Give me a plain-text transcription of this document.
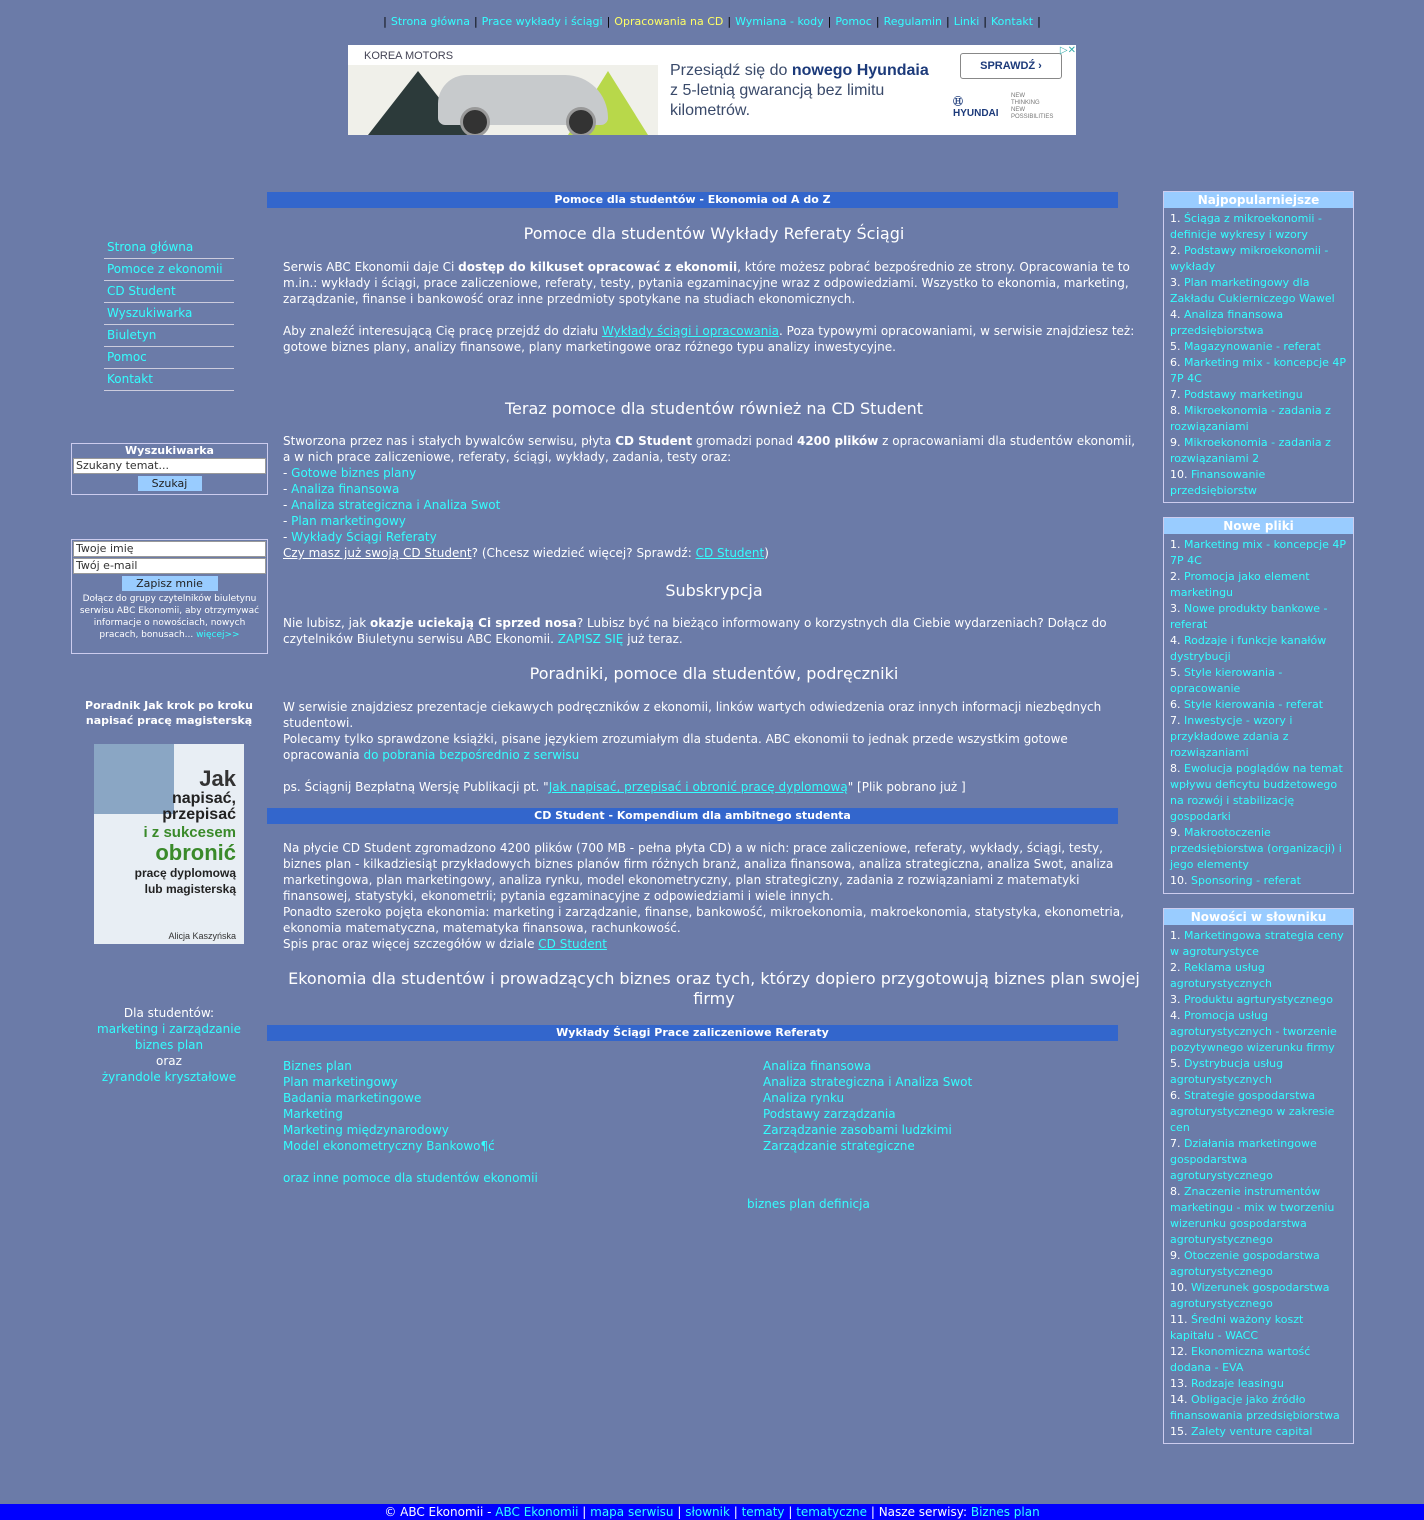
| Strona główna | Prace wykłady i ściągi | Opracowania na CD | Wymiana - kody | Pomoc | Regulamin | Linki | Kontakt |
KOREA MOTORS
Przesiądź się do nowego Hyundaia
z 5-letnią gwarancją bez limitu
kilometrów.
SPRAWDŹ ›
Ⓗ
HYUNDAI
NEW
THINKING
NEW
POSSIBILITIES
▷✕
Strona główna
Pomoce z ekonomii
CD Student
Wyszukiwarka
Biuletyn
Pomoc
Kontakt
Wyszukiwarka
Szukany temat...
Szukaj
Twoje imię
Twój e-mail
Zapisz mnie
Dołącz do grupy czytelników biuletynu serwisu ABC Ekonomii, aby otrzymywać informacje o nowościach, nowych pracach, bonusach... więcej>>
Poradnik Jak krok po kroku napisać pracę magisterską
Jak
napisać,
przepisać
i z sukcesem
obronić
pracę dyplomową
lub magisterską
Alicja Kaszyńska
Dla studentów:
marketing i zarządzanie
biznes plan
oraz
żyrandole kryształowe
Pomoce dla studentów - Ekonomia od A do Z
Pomoce dla studentów Wykłady Referaty Ściągi
Serwis ABC Ekonomii daje Ci dostęp do kilkuset opracować z ekonomii, które możesz pobrać bezpośrednio ze strony. Opracowania te to m.in.: wykłady i ściągi, prace zaliczeniowe, referaty, testy, pytania egzaminacyjne wraz z odpowiedziami. Wszystko to ekonomia, marketing, zarządzanie, finanse i bankowość oraz inne przedmioty spotykane na studiach ekonomicznych.
Aby znaleźć interesującą Cię pracę przejdź do działu Wykłady ściągi i opracowania. Poza typowymi opracowaniami, w serwisie znajdziesz też: gotowe biznes plany, analizy finansowe, plany marketingowe oraz różnego typu analizy inwestycyjne.
Teraz pomoce dla studentów również na CD Student
Stworzona przez nas i stałych bywalców serwisu, płyta CD Student gromadzi ponad 4200 plików z opracowaniami dla studentów ekonomii, a w nich prace zaliczeniowe, referaty, ściągi, wykłady, zadania, testy oraz:
- Gotowe biznes plany
- Analiza finansowa
- Analiza strategiczna i Analiza Swot
- Plan marketingowy
- Wykłady Ściągi Referaty
Czy masz już swoją CD Student? (Chcesz wiedzieć więcej? Sprawdź: CD Student)
Subskrypcja
Nie lubisz, jak okazje uciekają Ci sprzed nosa? Lubisz być na bieżąco informowany o korzystnych dla Ciebie wydarzeniach? Dołącz do czytelników Biuletynu serwisu ABC Ekonomii. ZAPISZ SIĘ już teraz.
Poradniki, pomoce dla studentów, podręczniki
W serwisie znajdziesz prezentacje ciekawych podręczników z ekonomii, linków wartych odwiedzenia oraz innych informacji niezbędnych studentowi.
Polecamy tylko sprawdzone książki, pisane językiem zrozumiałym dla studenta. ABC ekonomii to jednak przede wszystkim gotowe opracowania do pobrania bezpośrednio z serwisu
ps. Ściągnij Bezpłatną Wersję Publikacji pt. "Jak napisać, przepisać i obronić pracę dyplomową" [Plik pobrano już ]
CD Student - Kompendium dla ambitnego studenta
Na płycie CD Student zgromadzono 4200 plików (700 MB - pełna płyta CD) a w nich: prace zaliczeniowe, referaty, wykłady, ściągi, testy, biznes plan - kilkadziesiąt przykładowych biznes planów firm różnych branż, analiza finansowa, analiza strategiczna, analiza Swot, analiza marketingowa, plan marketingowy, analiza rynku, model ekonometryczny, plan strategiczny, zadania z rozwiązaniami z matematyki finansowej, statystyki, ekonometrii; pytania egzaminacyjne z odpowiedziami i wiele innych.
Ponadto szeroko pojęta ekonomia: marketing i zarządzanie, finanse, bankowość, mikroekonomia, makroekonomia, statystyka, ekonometria, ekonomia matematyczna, matematyka finansowa, rachunkowość.
Spis prac oraz więcej szczegółów w dziale CD Student
Ekonomia dla studentów i prowadzących biznes oraz tych, którzy dopiero przygotowują biznes plan swojej firmy
Wykłady Ściągi Prace zaliczeniowe Referaty
Biznes plan
Plan marketingowy
Badania marketingowe
Marketing
Marketing międzynarodowy
Model ekonometryczny Bankowo¶ć
Analiza finansowa
Analiza strategiczna i Analiza Swot
Analiza rynku
Podstawy zarządzania
Zarządzanie zasobami ludzkimi
Zarządzanie strategiczne
oraz inne pomoce dla studentów ekonomii
biznes plan definicja
Najpopularniejsze
1. Ściąga z mikroekonomii - definicje wykresy i wzory
2. Podstawy mikroekonomii - wykłady
3. Plan marketingowy dla Zakładu Cukierniczego Wawel
4. Analiza finansowa przedsiębiorstwa
5. Magazynowanie - referat
6. Marketing mix - koncepcje 4P 7P 4C
7. Podstawy marketingu
8. Mikroekonomia - zadania z rozwiązaniami
9. Mikroekonomia - zadania z rozwiązaniami 2
10. Finansowanie przedsiębiorstw
Nowe pliki
1. Marketing mix - koncepcje 4P 7P 4C
2. Promocja jako element marketingu
3. Nowe produkty bankowe - referat
4. Rodzaje i funkcje kanałów dystrybucji
5. Style kierowania - opracowanie
6. Style kierowania - referat
7. Inwestycje - wzory i przykładowe zdania z rozwiązaniami
8. Ewolucja poglądów na temat wpływu deficytu budżetowego na rozwój i stabilizację gospodarki
9. Makrootoczenie przedsiębiorstwa (organizacji) i jego elementy
10. Sponsoring - referat
Nowości w słowniku
1. Marketingowa strategia ceny w agroturystyce
2. Reklama usług agroturystycznych
3. Produktu agrturystycznego
4. Promocja usług agroturystycznych - tworzenie pozytywnego wizerunku firmy
5. Dystrybucja usług agroturystycznych
6. Strategie gospodarstwa agroturystycznego w zakresie cen
7. Działania marketingowe gospodarstwa agroturystycznego
8. Znaczenie instrumentów marketingu - mix w tworzeniu wizerunku gospodarstwa agroturystycznego
9. Otoczenie gospodarstwa agroturystycznego
10. Wizerunek gospodarstwa agroturystycznego
11. Średni ważony koszt kapitału - WACC
12. Ekonomiczna wartość dodana - EVA
13. Rodzaje leasingu
14. Obligacje jako źródło finansowania przedsiębiorstwa
15. Zalety venture capital
© ABC Ekonomii - ABC Ekonomii | mapa serwisu | słownik | tematy | tematyczne | Nasze serwisy: Biznes plan
